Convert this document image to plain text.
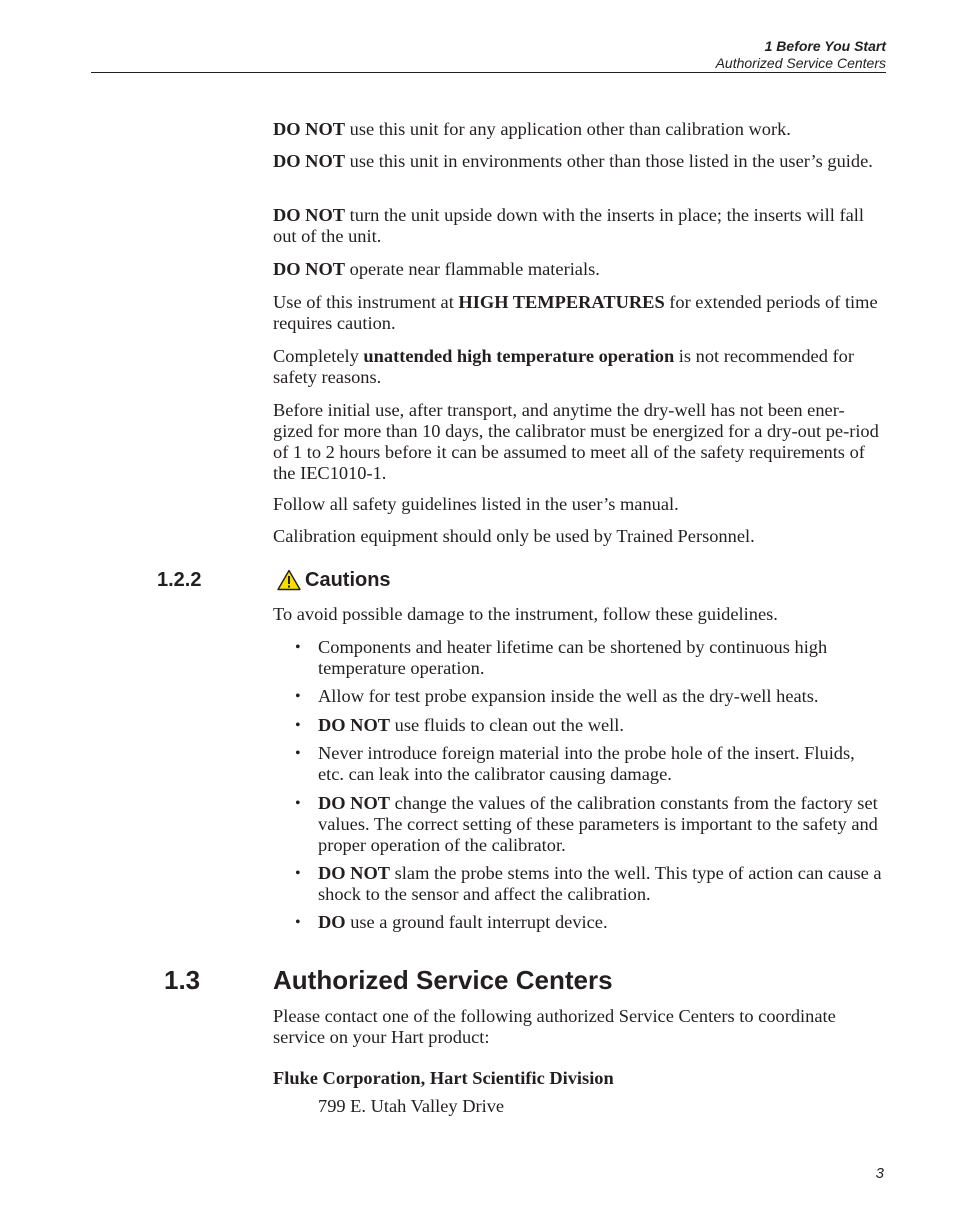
1 Before You Start
Authorized Service Centers

DO NOT use this unit for any application other than calibration work.

DO NOT use this unit in environments other than those listed in the user’s guide.

DO NOT turn the unit upside down with the inserts in place; the inserts will fall out of the unit.

DO NOT operate near flammable materials.

Use of this instrument at HIGH TEMPERATURES for extended periods of time requires caution.

Completely unattended high temperature operation is not recommended for safety reasons.

Before initial use, after transport, and anytime the dry-well has not been ener-gized for more than 10 days, the calibrator must be energized for a dry-out pe-riod of 1 to 2 hours before it can be assumed to meet all of the safety requirements of the IEC1010-1.

Follow all safety guidelines listed in the user’s manual.

Calibration equipment should only be used by Trained Personnel.

1.2.2	Cautions

To avoid possible damage to the instrument, follow these guidelines.

• Components and heater lifetime can be shortened by continuous high temperature operation.
• Allow for test probe expansion inside the well as the dry-well heats.
• DO NOT use fluids to clean out the well.
• Never introduce foreign material into the probe hole of the insert. Fluids, etc. can leak into the calibrator causing damage.
• DO NOT change the values of the calibration constants from the factory set values. The correct setting of these parameters is important to the safety and proper operation of the calibrator.
• DO NOT slam the probe stems into the well. This type of action can cause a shock to the sensor and affect the calibration.
• DO use a ground fault interrupt device.
1.3	Authorized Service Centers

Please contact one of the following authorized Service Centers to coordinate service on your Hart product:

Fluke Corporation, Hart Scientific Division

799 E. Utah Valley Drive

3
